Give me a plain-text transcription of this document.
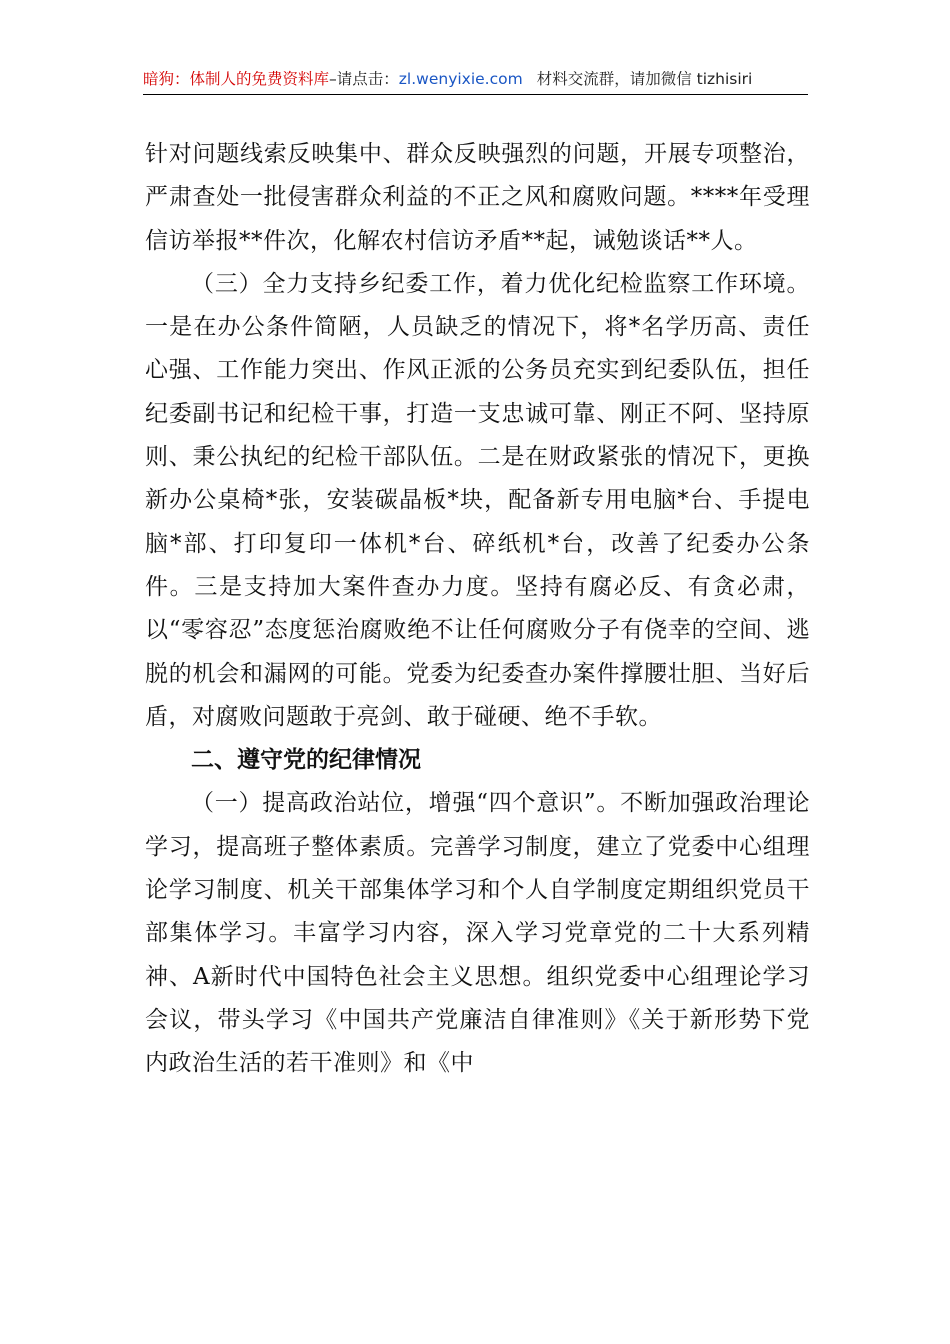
暗狗：体制人的免费资料库–请点击：zl.wenyixie.com 材料交流群，请加微信 tizhisiri

针对问题线索反映集中、群众反映强烈的问题，开展专项整治，严肃查处一批侵害群众利益的不正之风和腐败问题。****年受理信访举报**件次，化解农村信访矛盾**起，诫勉谈话**人。

（三）全力支持乡纪委工作，着力优化纪检监察工作环境。一是在办公条件简陋，人员缺乏的情况下，将*名学历高、责任心强、工作能力突出、作风正派的公务员充实到纪委队伍，担任纪委副书记和纪检干事，打造一支忠诚可靠、刚正不阿、坚持原则、秉公执纪的纪检干部队伍。二是在财政紧张的情况下，更换新办公桌椅*张，安装碳晶板*块，配备新专用电脑*台、手提电脑*部、打印复印一体机*台、碎纸机*台，改善了纪委办公条件。三是支持加大案件查办力度。坚持有腐必反、有贪必肃，以“零容忍”态度惩治腐败绝不让任何腐败分子有侥幸的空间、逃脱的机会和漏网的可能。党委为纪委查办案件撑腰壮胆、当好后盾，对腐败问题敢于亮剑、敢于碰硬、绝不手软。

二、遵守党的纪律情况

（一）提高政治站位，增强“四个意识”。不断加强政治理论学习，提高班子整体素质。完善学习制度，建立了党委中心组理论学习制度、机关干部集体学习和个人自学制度定期组织党员干部集体学习。丰富学习内容，深入学习党章党的二十大系列精神、A新时代中国特色社会主义思想。组织党委中心组理论学习会议，带头学习《中国共产党廉洁自律准则》《关于新形势下党内政治生活的若干准则》和《中
